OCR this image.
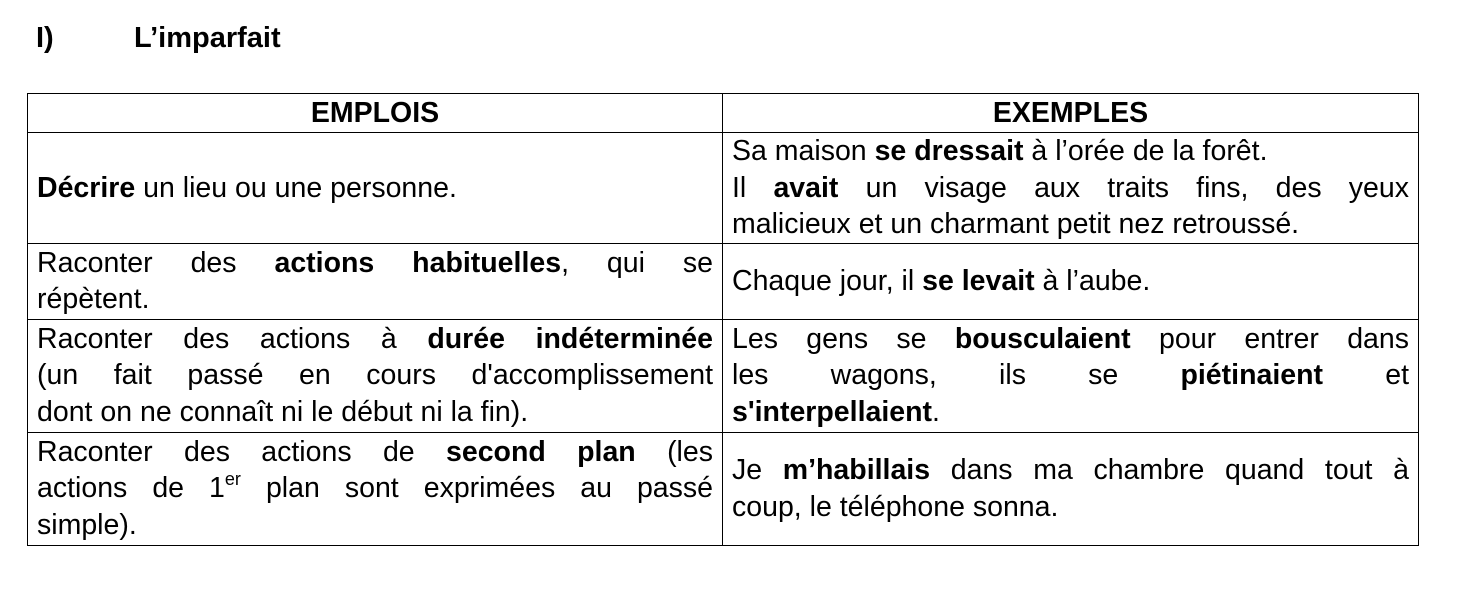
I)	L’imparfait
EMPLOIS	EXEMPLES
Décrire un lieu ou une personne.	Sa maison se dressait à l’orée de la forêt.
Il avait un visage aux traits fins, des yeux
malicieux et un charmant petit nez retroussé.

Raconter des actions habituelles, qui se
répètent.	Chaque jour, il se levait à l’aube.

Raconter des actions à durée indéterminée
(un fait passé en cours d'accomplissement
dont on ne connaît ni le début ni la fin).	Les gens se bousculaient pour entrer dans
les wagons, ils se piétinaient et
s'interpellaient.

Raconter des actions de second plan (les
actions de 1er plan sont exprimées au passé
simple).	Je m’habillais dans ma chambre quand tout à
coup, le téléphone sonna.
